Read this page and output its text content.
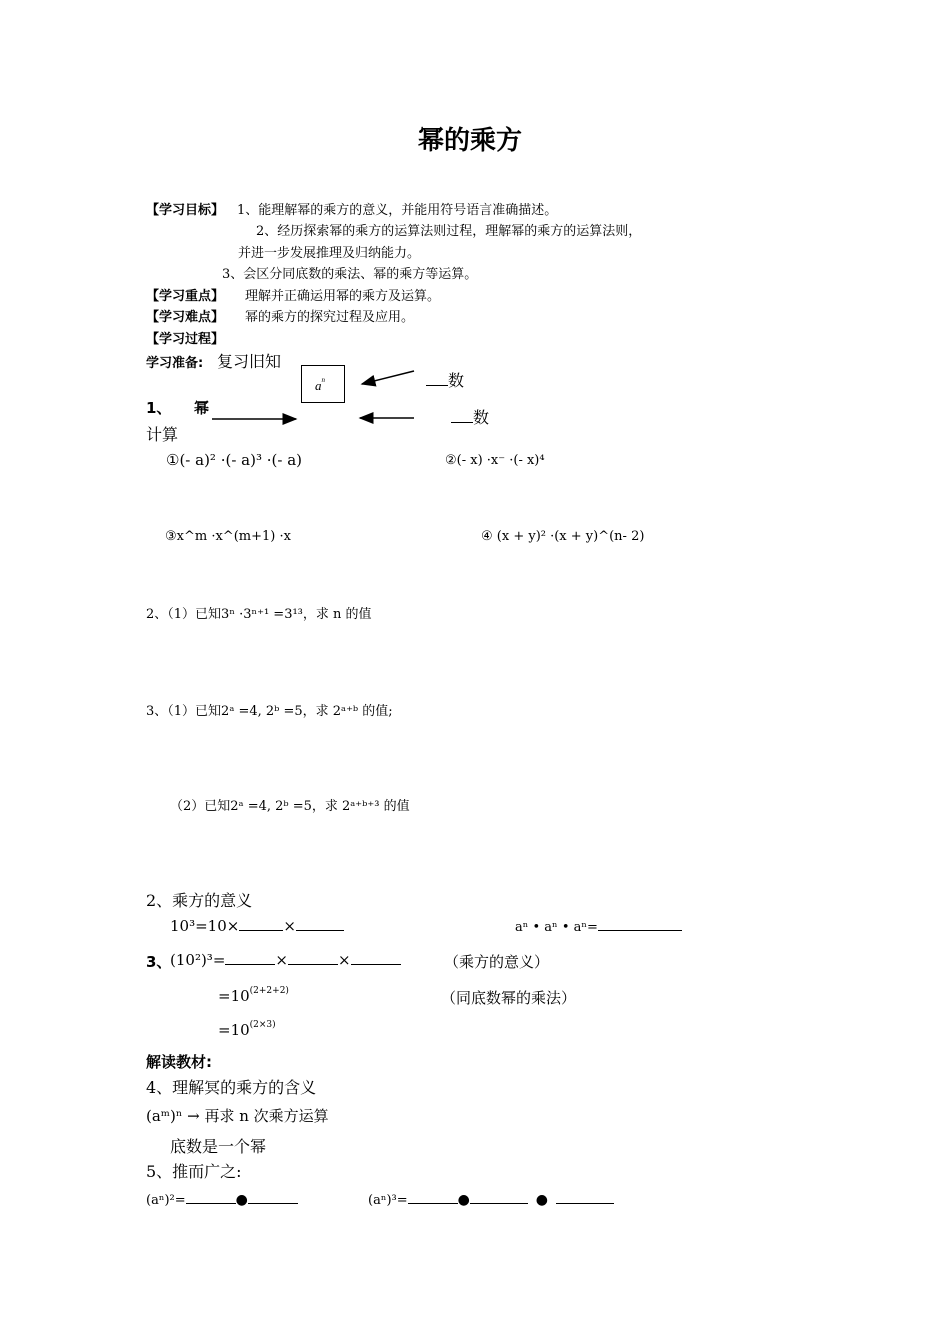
幂的乘方
【学习目标】 1、能理解幂的乘方的意义，并能用符号语言准确描述。
2、经历探索幂的乘方的运算法则过程，理解幂的乘方的运算法则，
并进一步发展推理及归纳能力。
3、会区分同底数的乘法、幂的乘方等运算。
【学习重点】 理解并正确运用幂的乘方及运算。
【学习难点】 幂的乘方的探究过程及应用。
【学习过程】
学习准备: 复习旧知
$a^n$	数
数
1、 幂
计算
①(- a)² ·(- a)³ ·(- a)	②(- x) ·x⁻ ·(- x)⁴
③x^m ·x^(m+1) ·x	④ (x + y)² ·(x + y)^(n- 2)
2、（1）已知3ⁿ ·3ⁿ⁺¹ =3¹³，求 n 的值
3、（1）已知2ᵃ =4, 2ᵇ =5，求 2ᵃ⁺ᵇ 的值;
（2）已知2ᵃ =4, 2ᵇ =5，求 2ᵃ⁺ᵇ⁺³ 的值
2、乘方的意义
10³=10×	×	aⁿ • aⁿ • aⁿ=
3、
(10²)³=	×	×	（乘方的意义）
$=10^{(2+2+2)}$	（同底数幂的乘法）
$=10^{(2\times 3)}$
解读教材:
4、理解冥的乘方的含义
(aᵐ)ⁿ → 再求 n 次乘方运算
底数是一个幂
5、推而广之:
(aⁿ)²=	●	(aⁿ)³=	●	●
